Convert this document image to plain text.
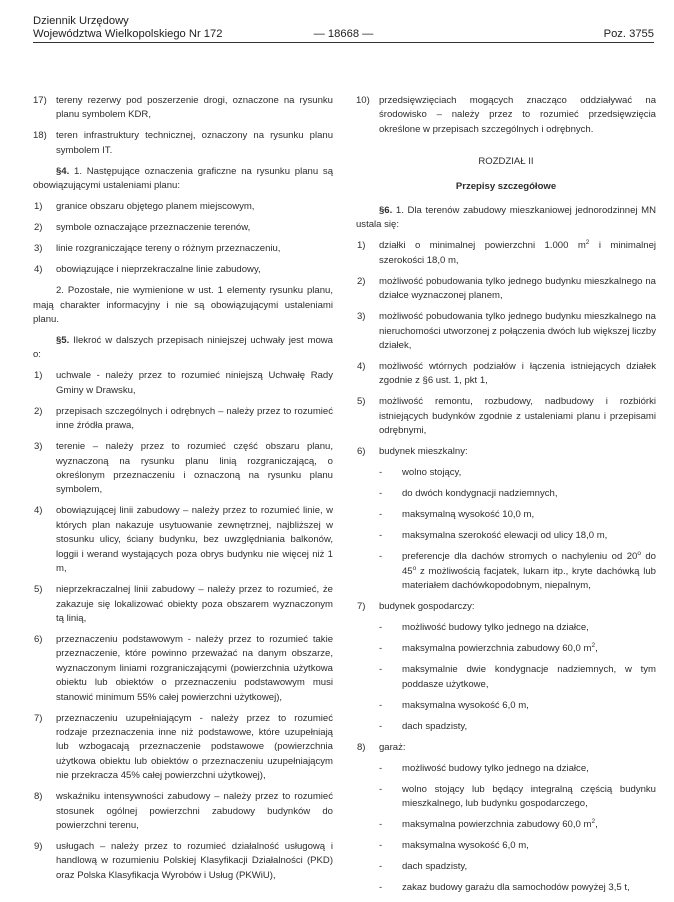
Dziennik Urzędowy
Województwa Wielkopolskiego Nr 172	— 18668 —	Poz. 3755
17) tereny rezerwy pod poszerzenie drogi, oznaczone na rysunku planu symbolem KDR,
18) teren infrastruktury technicznej, oznaczony na rysunku planu symbolem IT.
§4. 1. Następujące oznaczenia graficzne na rysunku planu są obowiązującymi ustaleniami planu:
1) granice obszaru objętego planem miejscowym,
2) symbole oznaczające przeznaczenie terenów,
3) linie rozgraniczające tereny o różnym przeznaczeniu,
4) obowiązujące i nieprzekraczalne linie zabudowy,
2. Pozostałe, nie wymienione w ust. 1 elementy rysunku planu, mają charakter informacyjny i nie są obowiązującymi ustaleniami planu.
§5. Ilekroć w dalszych przepisach niniejszej uchwały jest mowa o:
1) uchwale - należy przez to rozumieć niniejszą Uchwałę Rady Gminy w Drawsku,
2) przepisach szczególnych i odrębnych – należy przez to rozumieć inne źródła prawa,
3) terenie – należy przez to rozumieć część obszaru planu, wyznaczoną na rysunku planu linią rozgraniczającą, o określonym przeznaczeniu i oznaczoną na rysunku planu symbolem,
4) obowiązującej linii zabudowy – należy przez to rozumieć linie, w których plan nakazuje usytuowanie zewnętrznej, najbliższej w stosunku ulicy, ściany budynku, bez uwzględniania balkonów, loggii i werand wystających poza obrys budynku nie więcej niż 1 m,
5) nieprzekraczalnej linii zabudowy – należy przez to rozumieć, że zakazuje się lokalizować obiekty poza obszarem wyznaczonym tą linią,
6) przeznaczeniu podstawowym - należy przez to rozumieć takie przeznaczenie, które powinno przeważać na danym obszarze, wyznaczonym liniami rozgraniczającymi (powierzchnia użytkowa obiektu lub obiektów o przeznaczeniu podstawowym musi stanowić minimum 55% całej powierzchni użytkowej),
7) przeznaczeniu uzupełniającym - należy przez to rozumieć rodzaje przeznaczenia inne niż podstawowe, które uzupełniają lub wzbogacają przeznaczenie podstawowe (powierzchnia użytkowa obiektu lub obiektów o przeznaczeniu uzupełniającym nie przekracza 45% całej powierzchni użytkowej),
8) wskaźniku intensywności zabudowy – należy przez to rozumieć stosunek ogólnej powierzchni zabudowy budynków do powierzchni terenu,
9) usługach – należy przez to rozumieć działalność usługową i handlową w rozumieniu Polskiej Klasyfikacji Działalności (PKD) oraz Polska Klasyfikacja Wyrobów i Usług (PKWiU),
10) przedsięwzięciach mogących znacząco oddziaływać na środowisko – należy przez to rozumieć przedsięwzięcia określone w przepisach szczególnych i odrębnych.
ROZDZIAŁ II
Przepisy szczegółowe
§6. 1. Dla terenów zabudowy mieszkaniowej jednorodzinnej MN ustala się:
1) działki o minimalnej powierzchni 1.000 $m^2$ i minimalnej szerokości 18,0 m,
2) możliwość pobudowania tylko jednego budynku mieszkalnego na działce wyznaczonej planem,
3) możliwość pobudowania tylko jednego budynku mieszkalnego na nieruchomości utworzonej z połączenia dwóch lub większej liczby działek,
4) możliwość wtórnych podziałów i łączenia istniejących działek zgodnie z §6 ust. 1, pkt 1,
5) możliwość remontu, rozbudowy, nadbudowy i rozbiórki istniejących budynków zgodnie z ustaleniami planu i przepisami odrębnymi,
6) budynek mieszkalny:
- wolno stojący,
- do dwóch kondygnacji nadziemnych,
- maksymalną wysokość 10,0 m,
- maksymalna szerokość elewacji od ulicy 18,0 m,
- preferencje dla dachów stromych o nachyleniu od 20$^o$ do 45$^o$ z możliwością facjatek, lukarn itp., kryte dachówką lub materiałem dachówkopodobnym, niepalnym,
7) budynek gospodarczy:
- możliwość budowy tylko jednego na działce,
- maksymalna powierzchnia zabudowy 60,0 $m^2$,
- maksymalnie dwie kondygnacje nadziemnych, w tym poddasze użytkowe,
- maksymalna wysokość 6,0 m,
- dach spadzisty,
8) garaż:
- możliwość budowy tylko jednego na działce,
- wolno stojący lub będący integralną częścią budynku mieszkalnego, lub budynku gospodarczego,
- maksymalna powierzchnia zabudowy 60,0 $m^2$,
- maksymalna wysokość 6,0 m,
- dach spadzisty,
- zakaz budowy garażu dla samochodów powyżej 3,5 t,
